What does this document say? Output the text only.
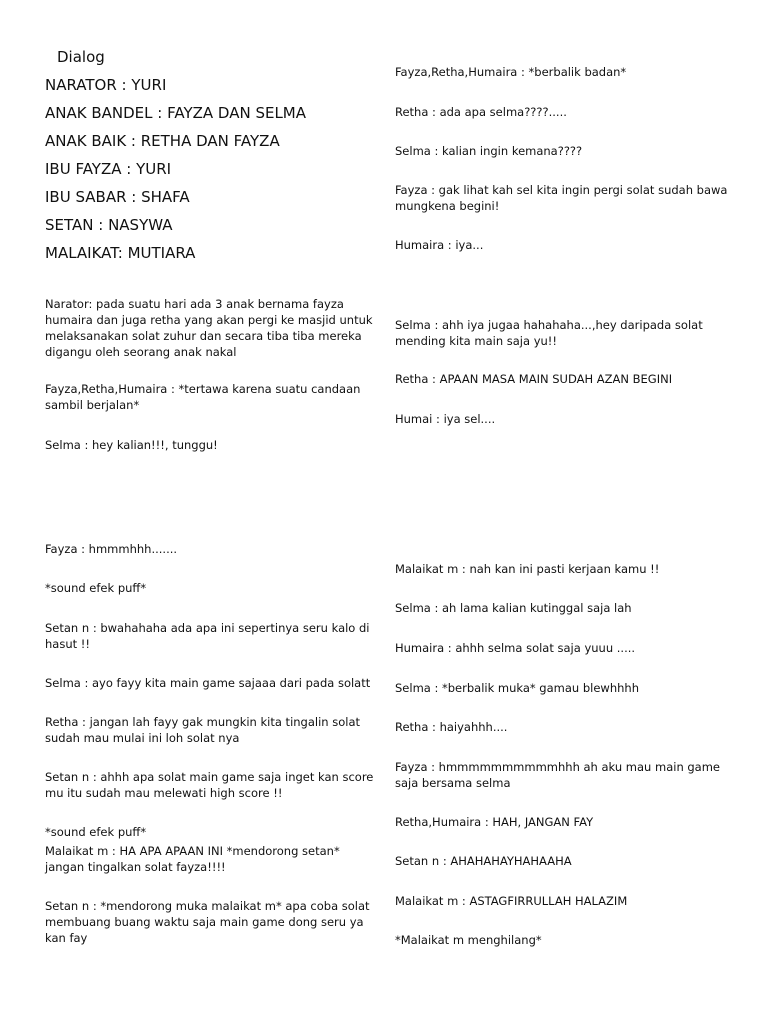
Dialog
NARATOR : YURI
ANAK BANDEL : FAYZA DAN SELMA
ANAK BAIK : RETHA DAN FAYZA
IBU FAYZA : YURI
IBU SABAR : SHAFA
SETAN : NASYWA
MALAIKAT: MUTIARA
Narator: pada suatu hari ada 3 anak bernama fayza humaira dan juga retha yang akan pergi ke masjid untuk melaksanakan solat zuhur dan secara tiba tiba mereka digangu oleh seorang anak nakal
Fayza,Retha,Humaira : *tertawa karena suatu candaan sambil berjalan*
Selma : hey kalian!!!, tunggu!
Fayza : hmmmhhh.......
*sound efek puff*
Setan n : bwahahaha ada apa ini sepertinya seru kalo di hasut !!
Selma : ayo fayy kita main game sajaaa dari pada solatt
Retha : jangan lah fayy gak mungkin kita tingalin solat sudah mau mulai ini loh solat nya
Setan n : ahhh apa solat main game saja inget kan score mu itu sudah mau melewati high score !!
*sound efek puff*
Malaikat m : HA APA APAAN INI *mendorong setan* jangan tingalkan solat fayza!!!!
Setan n : *mendorong muka malaikat m* apa coba solat membuang buang waktu saja main game dong seru ya kan fay
Fayza,Retha,Humaira : *berbalik badan*
Retha : ada apa selma????.....
Selma : kalian ingin kemana????
Fayza : gak lihat kah sel kita ingin pergi solat sudah bawa mungkena begini!
Humaira : iya...
Selma : ahh iya jugaa hahahaha...,hey daripada solat mending kita main saja yu!!
Retha : APAAN MASA MAIN SUDAH AZAN BEGINI
Humai : iya sel....
Malaikat m : nah kan ini pasti kerjaan kamu !!
Selma : ah lama kalian kutinggal saja lah
Humaira : ahhh selma solat saja yuuu .....
Selma : *berbalik muka* gamau blewhhhh
Retha : haiyahhh....
Fayza : hmmmmmmmmmmhhh ah aku mau main game saja bersama selma
Retha,Humaira : HAH, JANGAN FAY
Setan n : AHAHAHAYHAHAAHA
Malaikat m : ASTAGFIRRULLAH HALAZIM
*Malaikat m menghilang*
